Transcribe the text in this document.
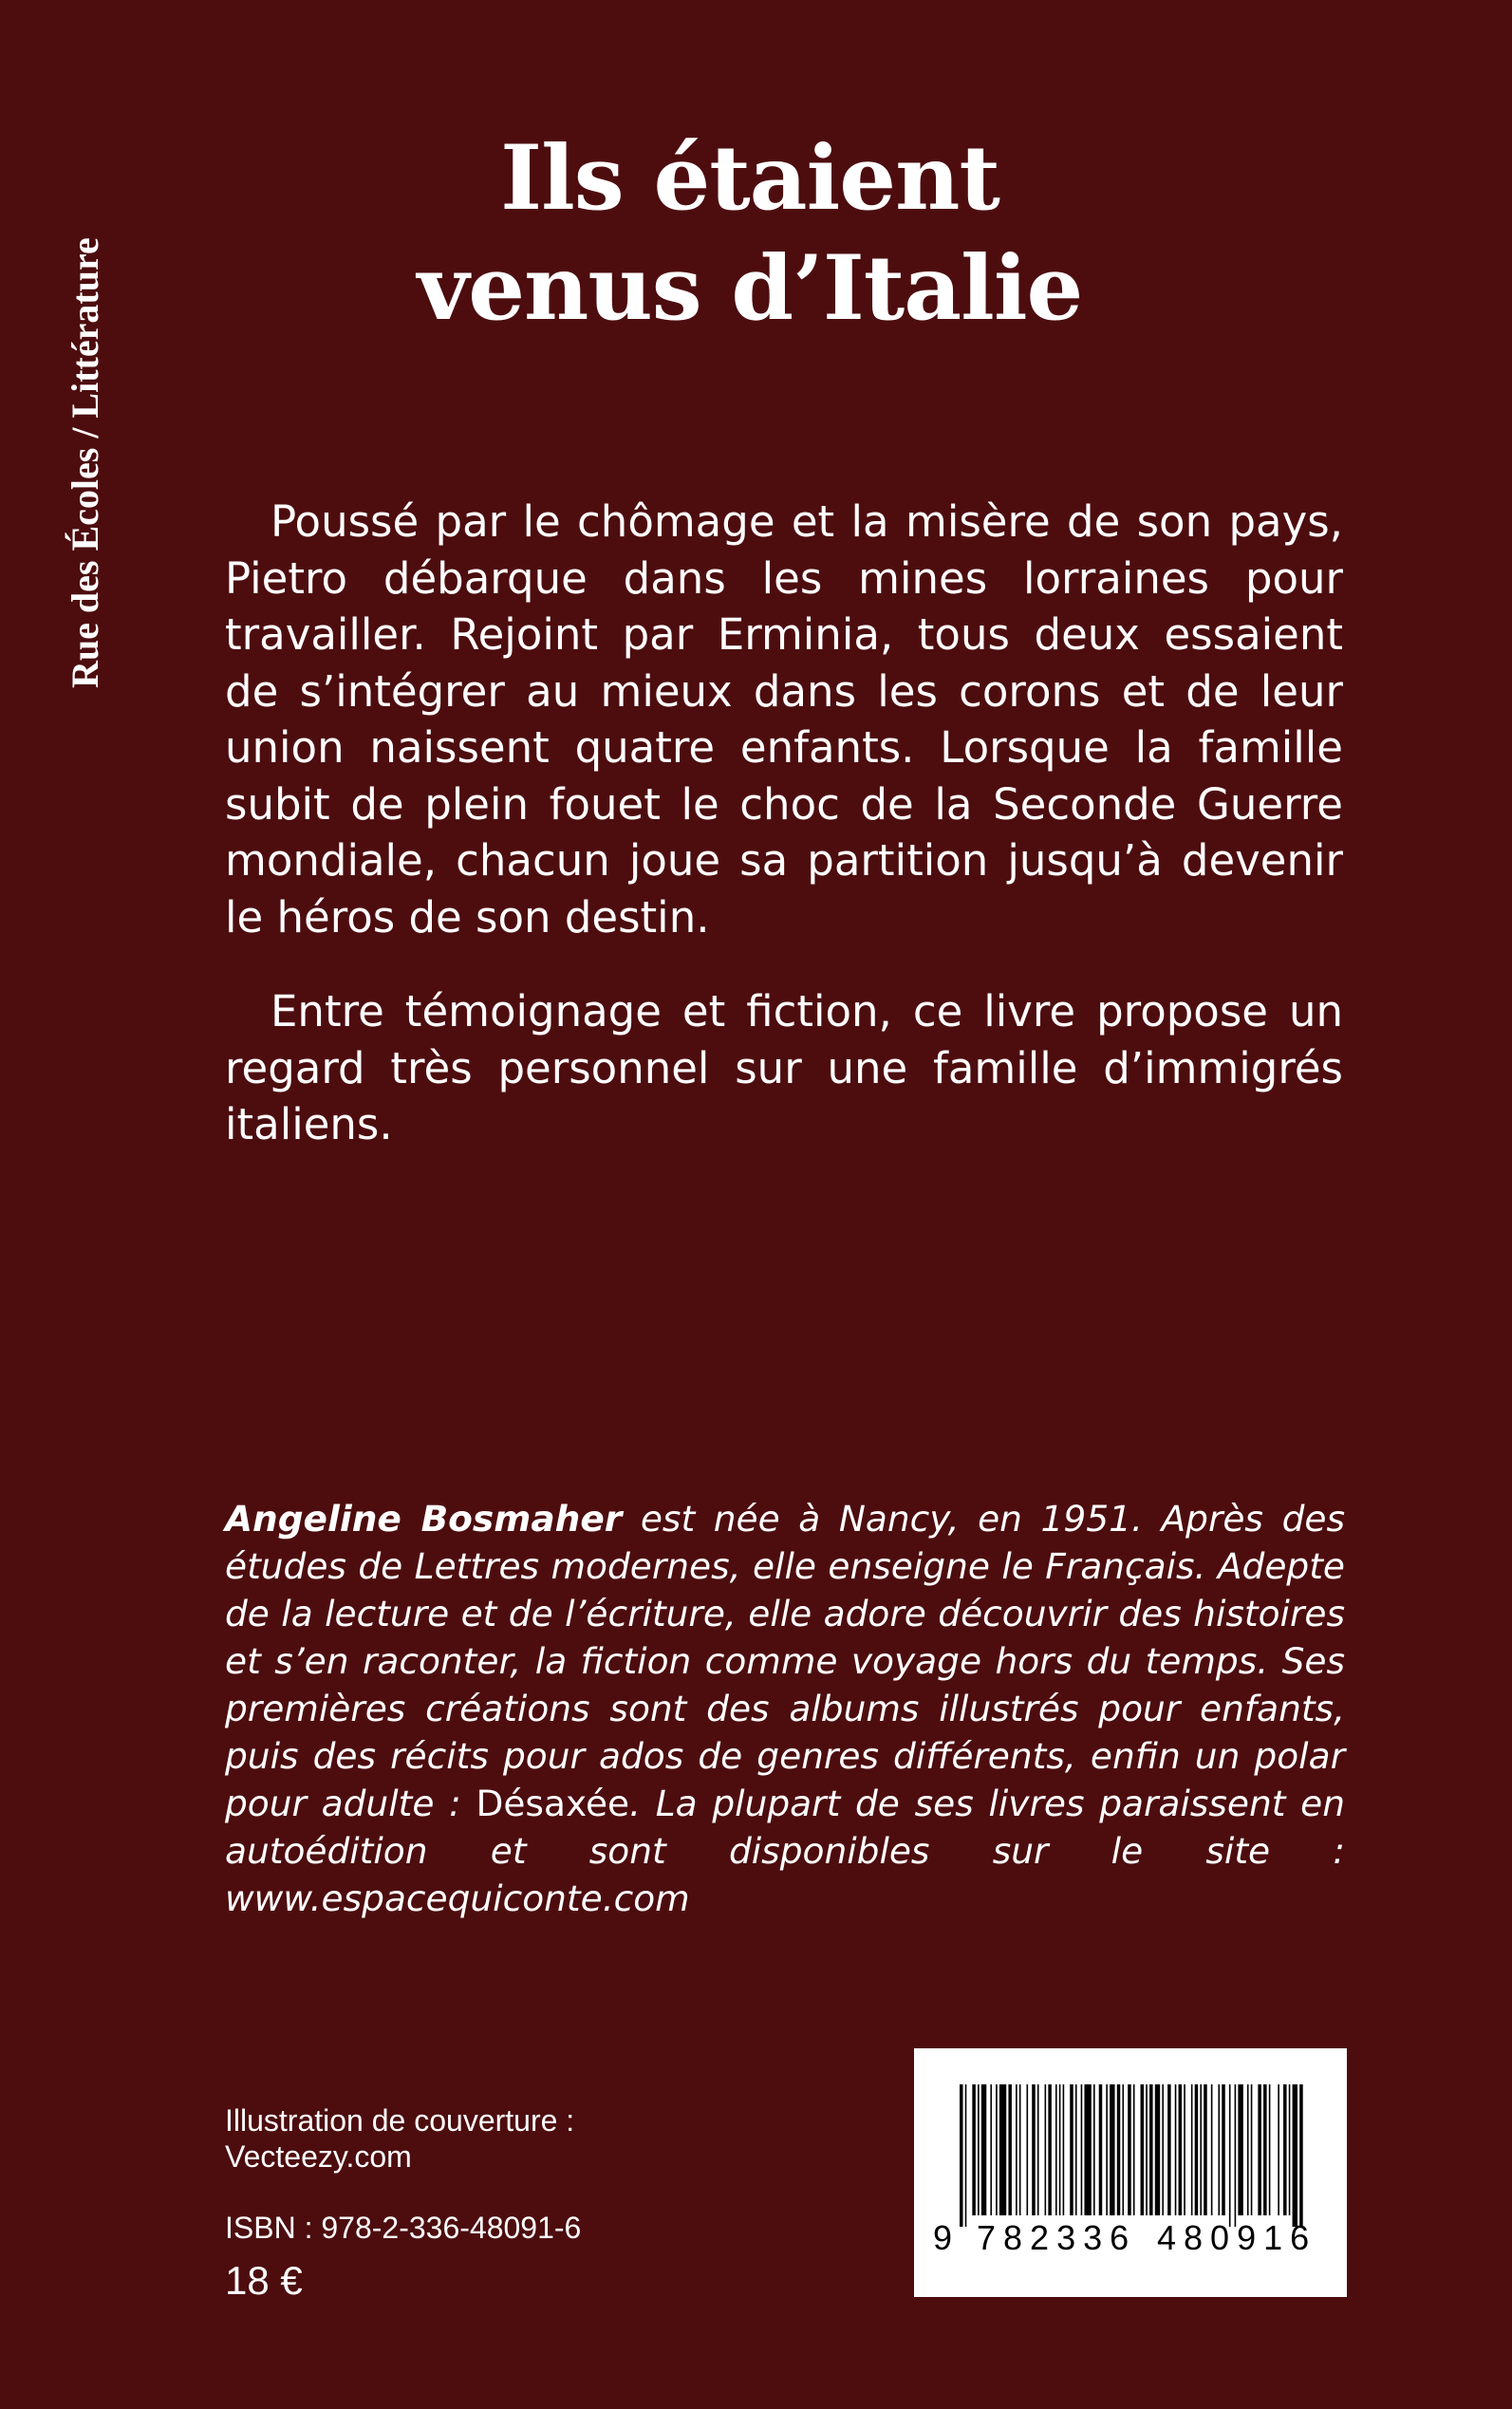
Rue des Écoles / Littérature
Ils étaient
venus d’Italie

Poussé par le chômage et la misère de son pays, Pietro débarque dans les mines lorraines pour travailler. Rejoint par Erminia, tous deux essaient de s’intégrer au mieux dans les corons et de leur union naissent quatre enfants. Lorsque la famille subit de plein fouet le choc de la Seconde Guerre mondiale, chacun joue sa partition jusqu’à devenir le héros de son destin.

Entre témoignage et fiction, ce livre propose un regard très personnel sur une famille d’immigrés italiens.

Angeline Bosmaher est née à Nancy, en 1951. Après des études de Lettres modernes, elle enseigne le Français. Adepte de la lecture et de l’écriture, elle adore découvrir des histoires et s’en raconter, la fiction comme voyage hors du temps. Ses premières créations sont des albums illustrés pour enfants, puis des récits pour ados de genres différents, enfin un polar pour adulte : Désaxée. La plupart de ses livres paraissent en autoédition et sont disponibles sur le site : www.espacequiconte.com
Illustration de couverture :
Vecteezy.com
ISBN : 978-2-336-48091-6
18 €
9 782336 480916
